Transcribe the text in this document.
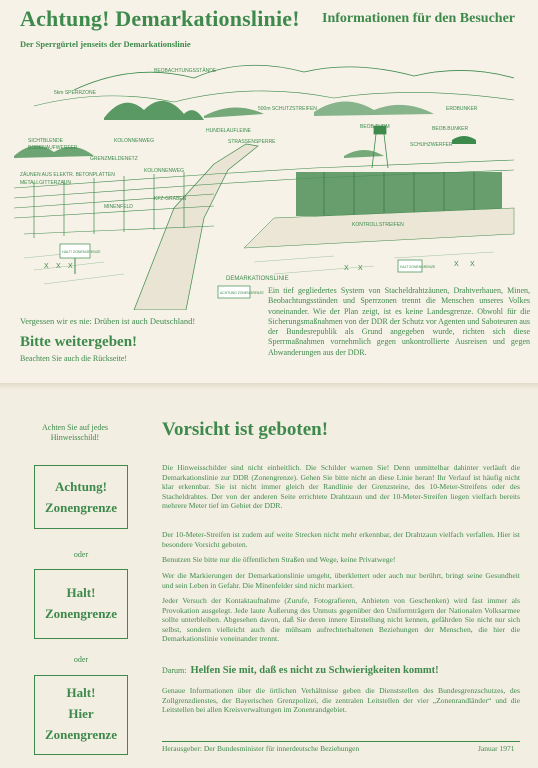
Achtung! Demarkationslinie! Informationen für den Besucher
Der Sperrgürtel jenseits der Demarkationslinie
X X X	X X
X X
HALT! ZONENGRENZE
ACHTUNG ZONENGRENZE
HALT ZONENGRENZE
5km SPERRZONE
BEOBACHTUNGSSTÄNDE
500m SCHUTZSTREIFEN	ERDBUNKER
SICHTBLENDE
BODENAUFWERFER
KOLONNENWEG
HUNDELAUFLEINE
STRASSENSPERRE
BEOB.TURM	BEOB.BUNKER
SCHUHZWERFER
GRENZMELDENETZ
KOLONNENWEG
ZÄUNEN AUS ELEKTR. BETONPLATTEN
METALLGITTERZAUN
MINENFELD
KFZ-GRABEN
KONTROLLSTREIFEN
DEMARKATIONSLINIE
Ein tief gegliedertes System von Stacheldrahtzäunen, Drahtverhauen, Minen, Beobachtungsständen und Sperrzonen trennt die Menschen unseres Volkes voneinander. Wie der Plan zeigt, ist es keine Landesgrenze. Obwohl für die Sicherungsmaßnahmen von der DDR der Schutz vor Agenten und Saboteuren aus der Bundesrepublik als Grund angegeben wurde, richten sich diese Sperrmaßnahmen vornehmlich gegen unkontrollierte Ausreisen und gegen Abwanderungen aus der DDR.
Vergessen wir es nie: Drüben ist auch Deutschland!
Bitte weitergeben!
Beachten Sie auch die Rückseite!
Achten Sie auf jedes Hinweisschild!
Achtung!
Zonengrenze
oder
Halt!
Zonengrenze
oder
Halt!
Hier
Zonengrenze
Vorsicht ist geboten!
Die Hinweisschilder sind nicht einheitlich. Die Schilder warnen Sie! Denn unmittelbar dahinter verläuft die Demarkationslinie zur DDR (Zonengrenze). Gehen Sie bitte nicht an diese Linie heran! Ihr Verlauf ist häufig nicht klar erkennbar. Sie ist nicht immer gleich der Randlinie der Grenzsteine, des 10-Meter-Streifens oder des Stacheldrahtes. Der von der anderen Seite errichtete Drahtzaun und der 10-Meter-Streifen liegen vielfach bereits mehrere Meter tief im Gebiet der DDR.
Der 10-Meter-Streifen ist zudem auf weite Strecken nicht mehr erkennbar, der Drahtzaun vielfach verfallen. Hier ist besondere Vorsicht geboten.
Benutzen Sie bitte nur die öffentlichen Straßen und Wege, keine Privatwege!
Wer die Markierungen der Demarkationslinie umgeht, überklettert oder auch nur berührt, bringt seine Gesundheit und sein Leben in Gefahr. Die Minenfelder sind nicht markiert.
Jeder Versuch der Kontaktaufnahme (Zurufe, Fotografieren, Anbieten von Geschenken) wird fast immer als Provokation ausgelegt. Jede laute Äußerung des Unmuts gegenüber den Uniformträgern der Nationalen Volksarmee sollte unterbleiben. Abgesehen davon, daß Sie deren innere Einstellung nicht kennen, gefährden Sie nicht nur sich selbst, sondern vielleicht auch die mühsam aufrechterhaltenen Beziehungen der Menschen, die hier die Demarkationslinie voneinander trennt.
Darum: Helfen Sie mit, daß es nicht zu Schwierigkeiten kommt!
Genaue Informationen über die örtlichen Verhältnisse geben die Dienststellen des Bundesgrenzschutzes, des Zollgrenzdienstes, der Bayerischen Grenzpolizei, die zentralen Leitstellen der vier „Zonenrandländer“ und die Leitstellen bei allen Kreisverwaltungen im Zonenrandgebiet.
Herausgeber: Der Bundesminister für innerdeutsche Beziehungen	Januar 1971
